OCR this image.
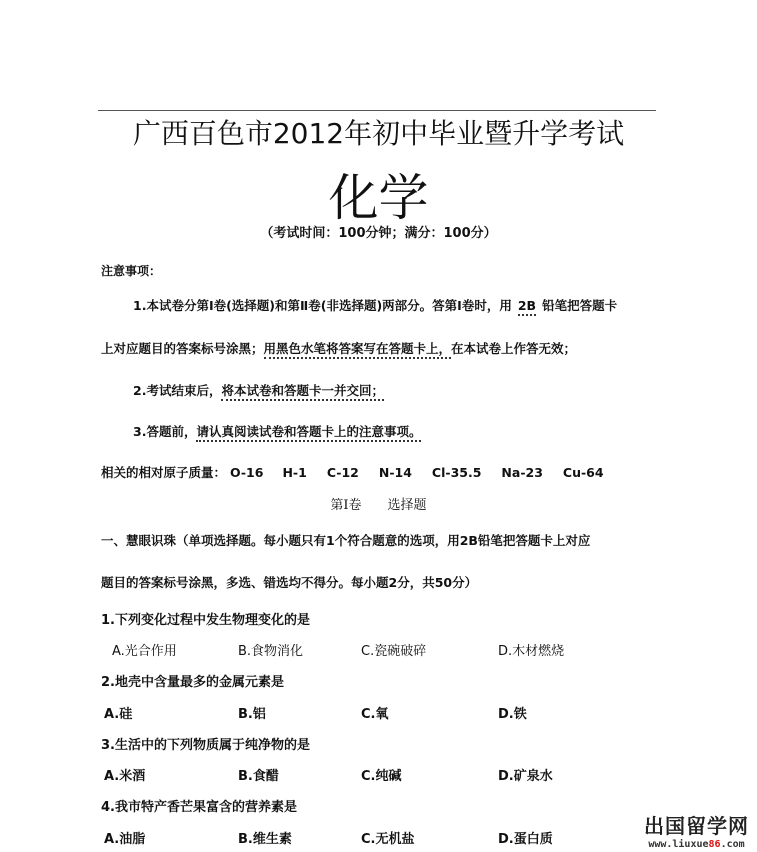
广西百色市2012年初中毕业暨升学考试
化学
（考试时间：100分钟；满分：100分）
注意事项：
1.本试卷分第Ⅰ卷(选择题)和第Ⅱ卷(非选择题)两部分。答第Ⅰ卷时，用 2B 铅笔把答题卡
上对应题目的答案标号涂黑；用黑色水笔将答案写在答题卡上，在本试卷上作答无效；
2.考试结束后，将本试卷和答题卡一并交回；
3.答题前，请认真阅读试卷和答题卡上的注意事项。
相关的相对原子质量： O-16 H-1 C-12 N-14 Cl-35.5 Na-23 Cu-64
第Ⅰ卷　　选择题
一、慧眼识珠（单项选择题。每小题只有1个符合题意的选项，用2B铅笔把答题卡上对应
题目的答案标号涂黑，多选、错选均不得分。每小题2分，共50分）
1.下列变化过程中发生物理变化的是
A.光合作用	B.食物消化	C.瓷碗破碎	D.木材燃烧
2.地壳中含量最多的金属元素是
A.硅	B.铝	C.氧	D.铁
3.生活中的下列物质属于纯净物的是
A.米酒	B.食醋	C.纯碱	D.矿泉水
4.我市特产香芒果富含的营养素是
A.油脂	B.维生素	C.无机盐	D.蛋白质
出国留学网
www.liuxue86.com
